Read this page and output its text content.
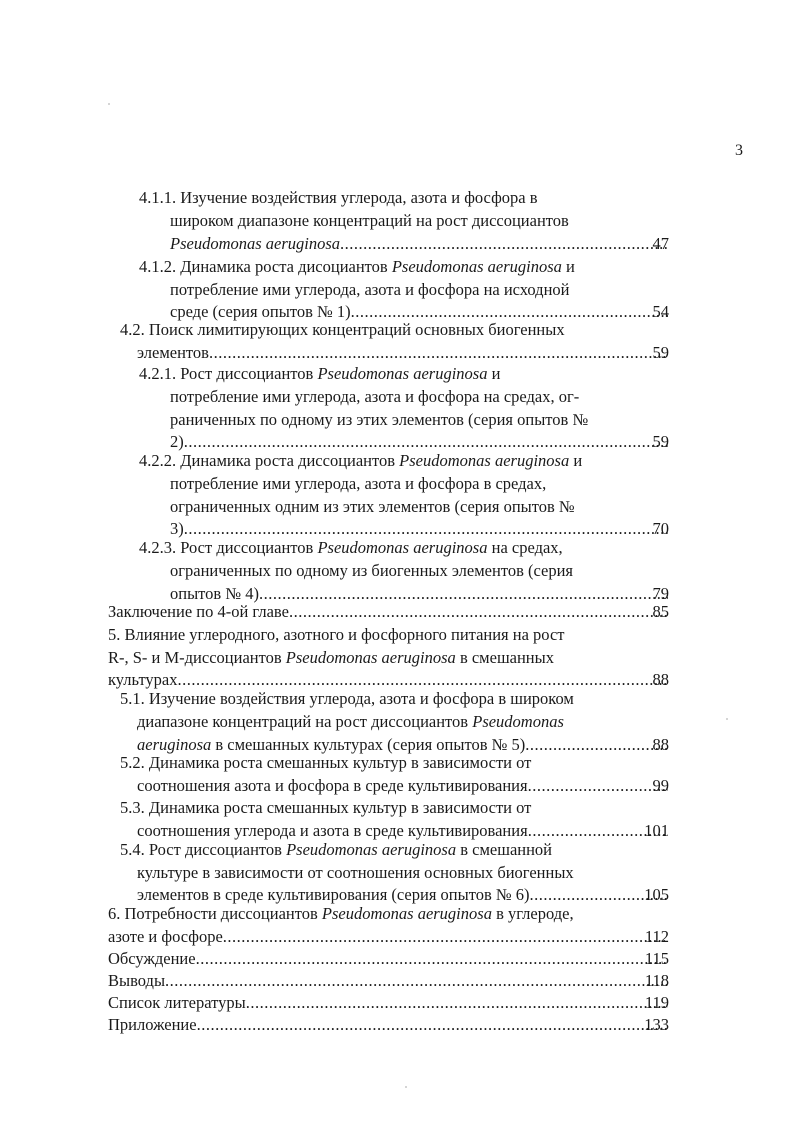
3
4.1.1. Изучение воздействия углерода, азота и фосфора в
широком диапазоне концентраций на рост диссоциантов
Pseudomonas aeruginosa .....	47
4.1.2. Динамика роста дисоциантов Pseudomonas aeruginosa и
потребление ими углерода, азота и фосфора на исходной
среде (серия опытов № 1) .....	54
4.2. Поиск лимитирующих концентраций основных биогенных
элементов .....	59
4.2.1. Рост диссоциантов Pseudomonas aeruginosa и
потребление ими углерода, азота и фосфора на средах, ог-
раниченных по одному из этих элементов (серия опытов №
2) .....	59
4.2.2. Динамика роста диссоциантов Pseudomonas aeruginosa и
потребление ими углерода, азота и фосфора в средах,
ограниченных одним из этих элементов (серия опытов №
3) .....	70
4.2.3. Рост диссоциантов Pseudomonas aeruginosa на средах,
ограниченных по одному из биогенных элементов (серия
опытов № 4) .....	79
Заключение по 4-ой главе .....	85
5. Влияние углеродного, азотного и фосфорного питания на рост
R-, S- и M-диссоциантов Pseudomonas aeruginosa в смешанных
культурах .....	88
5.1. Изучение воздействия углерода, азота и фосфора в широком
диапазоне концентраций на рост диссоциантов Pseudomonas
aeruginosa в смешанных культурах (серия опытов № 5) .....	88
5.2. Динамика роста смешанных культур в зависимости от
соотношения азота и фосфора в среде культивирования .....	99
5.3. Динамика роста смешанных культур в зависимости от
соотношения углерода и азота в среде культивирования .....	101
5.4. Рост диссоциантов Pseudomonas aeruginosa в смешанной
культуре в зависимости от соотношения основных биогенных
элементов в среде культивирования (серия опытов № 6) .....	105
6. Потребности диссоциантов Pseudomonas aeruginosa в углероде,
азоте и фосфоре .....	112
Обсуждение .....	115
Выводы .....	118
Список литературы .....	119
Приложение .....	133
